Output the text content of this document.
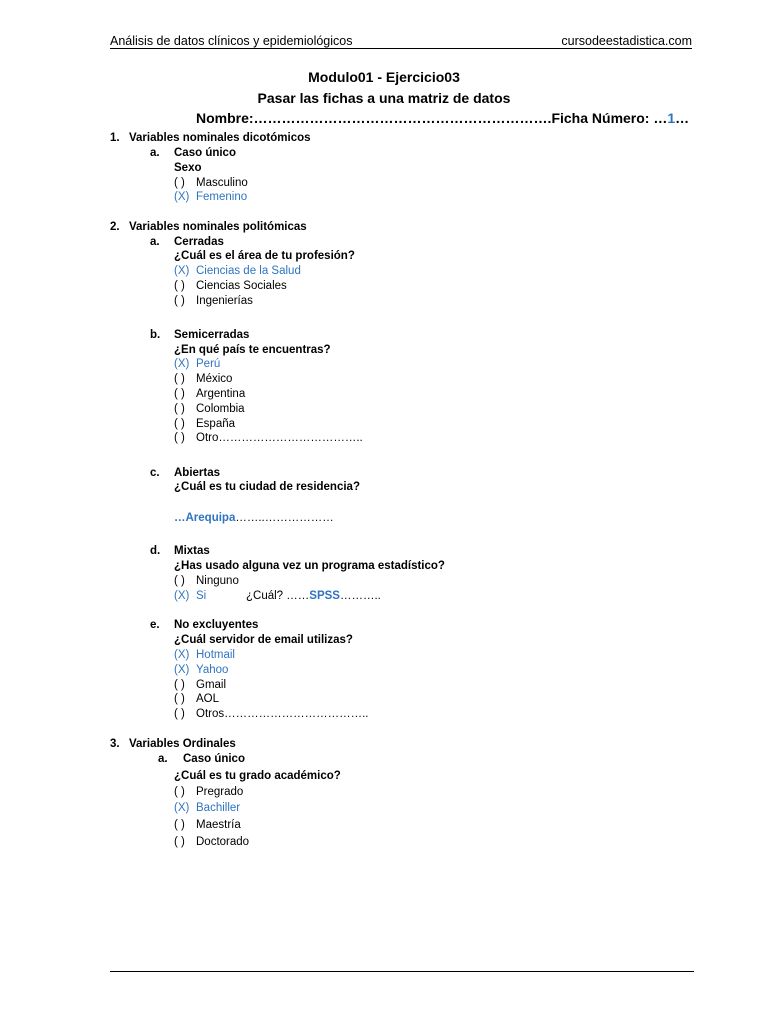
Análisis de datos clínicos y epidemiológicos	cursodeestadistica.com
Modulo01 - Ejercicio03
Pasar las fichas a una matriz de datos
Nombre:……………………………………………………….Ficha Número: …1…
1. Variables nominales dicotómicos
a. Caso único
Sexo
( ) Masculino
(X) Femenino
2. Variables nominales politómicas
a. Cerradas
¿Cuál es el área de tu profesión?
(X) Ciencias de la Salud
( ) Ciencias Sociales
( ) Ingenierías
b. Semicerradas
¿En qué país te encuentras?
(X) Perú
( ) México
( ) Argentina
( ) Colombia
( ) España
( ) Otro………………………………..
c. Abiertas
¿Cuál es tu ciudad de residencia?
…Arequipa……..………………
d. Mixtas
¿Has usado alguna vez un programa estadístico?
( ) Ninguno
(X) Si	¿Cuál? ……SPSS………..
e. No excluyentes
¿Cuál servidor de email utilizas?
(X) Hotmail
(X) Yahoo
( ) Gmail
( ) AOL
( ) Otros………………………………..
3. Variables Ordinales
a. Caso único
¿Cuál es tu grado académico?
( ) Pregrado
(X) Bachiller
( ) Maestría
( ) Doctorado
